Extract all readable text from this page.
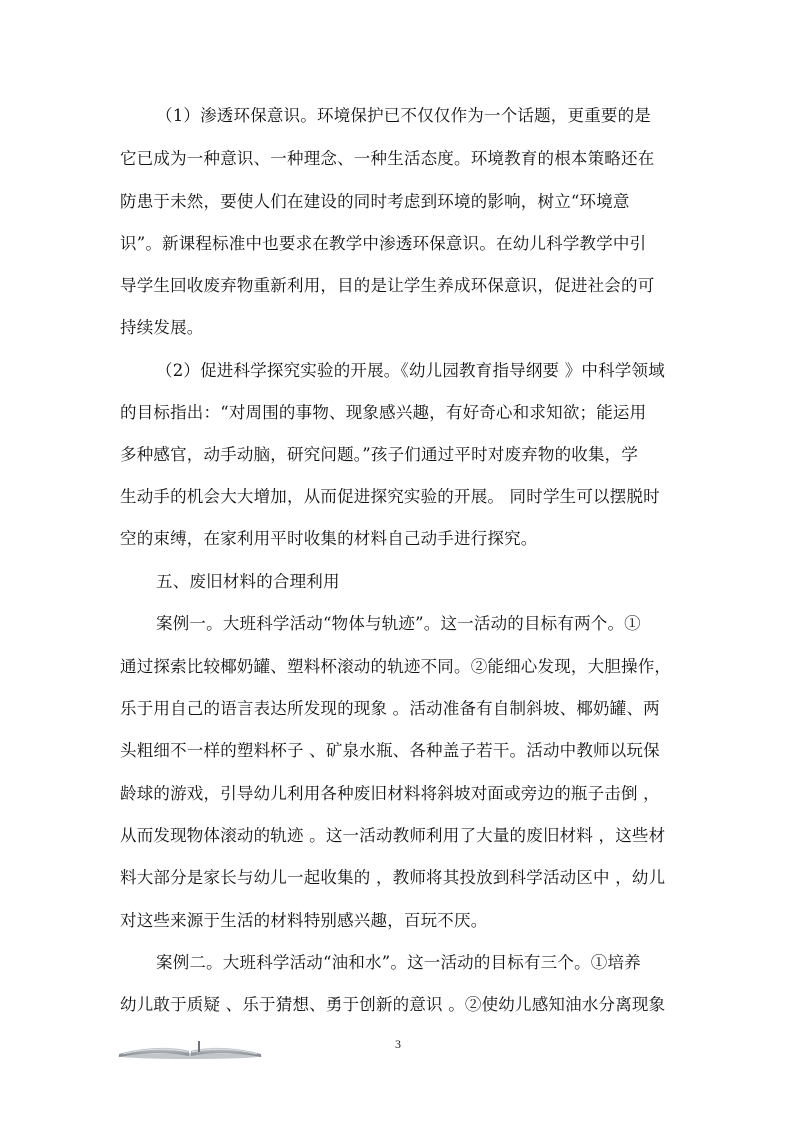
（1）渗透环保意识。环境保护已不仅仅作为一个话题，更重要的是
它已成为一种意识、一种理念、一种生活态度。环境教育的根本策略还在
防患于未然，要使人们在建设的同时考虑到环境的影响，树立“环境意
识”。新课程标准中也要求在教学中渗透环保意识。在幼儿科学教学中引
导学生回收废弃物重新利用，目的是让学生养成环保意识，促进社会的可
持续发展。
（2）促进科学探究实验的开展。《幼儿园教育指导纲要 》中科学领域
的目标指出：“对周围的事物、现象感兴趣，有好奇心和求知欲；能运用
多种感官，动手动脑，研究问题。”孩子们通过平时对废弃物的收集，学
生动手的机会大大增加，从而促进探究实验的开展。 同时学生可以摆脱时
空的束缚，在家利用平时收集的材料自己动手进行探究。
五、废旧材料的合理利用
案例一。大班科学活动“物体与轨迹”。这一活动的目标有两个。①
通过探索比较椰奶罐、塑料杯滚动的轨迹不同。②能细心发现，大胆操作，
乐于用自己的语言表达所发现的现象 。活动准备有自制斜坡、椰奶罐、两
头粗细不一样的塑料杯子 、矿泉水瓶、各种盖子若干。活动中教师以玩保
龄球的游戏，引导幼儿利用各种废旧材料将斜坡对面或旁边的瓶子击倒 ，
从而发现物体滚动的轨迹 。这一活动教师利用了大量的废旧材料 ，这些材
料大部分是家长与幼儿一起收集的 ，教师将其投放到科学活动区中 ，幼儿
对这些来源于生活的材料特别感兴趣，百玩不厌。
案例二。大班科学活动“油和水”。这一活动的目标有三个。①培养
幼儿敢于质疑 、乐于猜想、勇于创新的意识 。②使幼儿感知油水分离现象
3
